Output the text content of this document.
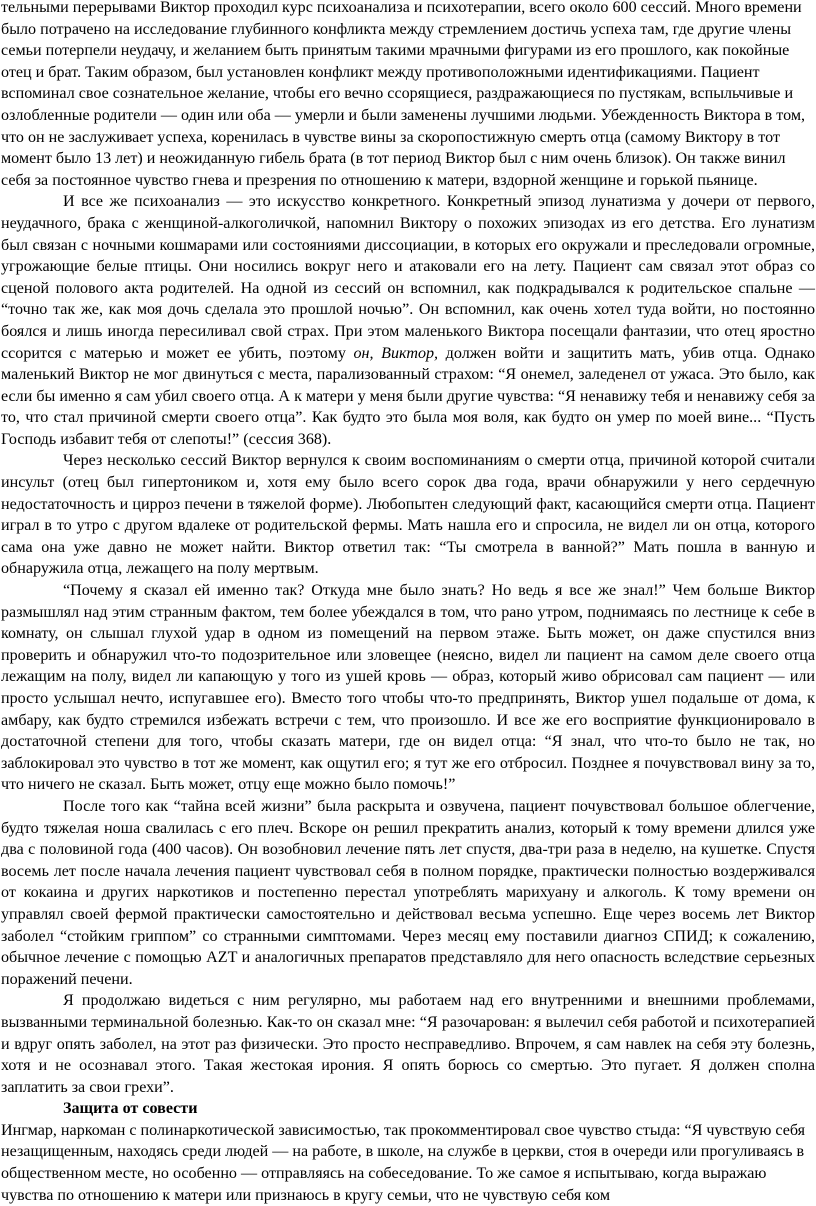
тельными перерывами Виктор проходил курс психоанализа и психотерапии, всего около 600 сессий. Много времени было потрачено на исследование глубинного конфликта между стремлением достичь успеха там, где другие члены семьи потерпели неудачу, и желанием быть принятым такими мрачными фигурами из его прошлого, как покойные отец и брат. Таким образом, был установлен конфликт между противоположными идентификациями. Пациент вспоминал свое сознательное желание, чтобы его вечно ссорящиеся, раздражающиеся по пустякам, вспыльчивые и озлобленные родители — один или оба — умерли и были заменены лучшими людьми. Убежденность Виктора в том, что он не заслуживает успеха, коренилась в чувстве вины за скоропостижную смерть отца (самому Виктору в тот момент было 13 лет) и неожиданную гибель брата (в тот период Виктор был с ним очень близок). Он также винил себя за постоянное чувство гнева и презрения по отношению к матери, вздорной женщине и горькой пьянице.

И все же психоанализ — это искусство конкретного. Конкретный эпизод лунатизма у дочери от первого, неудачного, брака с женщиной-алкоголичкой, напомнил Виктору о похожих эпизодах из его детства. Его лунатизм был связан с ночными кошмарами или состояниями диссоциации, в которых его окружали и преследовали огромные, угрожающие белые птицы. Они носились вокруг него и атаковали его на лету. Пациент сам связал этот образ со сценой полового акта родителей. На одной из сессий он вспомнил, как подкрадывался к родительское спальне — “точно так же, как моя дочь сделала это прошлой ночью”. Он вспомнил, как очень хотел туда войти, но постоянно боялся и лишь иногда пересиливал свой страх. При этом маленького Виктора посещали фантазии, что отец яростно ссорится с матерью и может ее убить, поэтому он, Виктор, должен войти и защитить мать, убив отца. Однако маленький Виктор не мог двинуться с места, парализованный страхом: “Я онемел, заледенел от ужаса. Это было, как если бы именно я сам убил своего отца. А к матери у меня были другие чувства: “Я ненавижу тебя и ненавижу себя за то, что стал причиной смерти своего отца”. Как будто это была моя воля, как будто он умер по моей вине... “Пусть Господь избавит тебя от слепоты!” (сессия 368).

Через несколько сессий Виктор вернулся к своим воспоминаниям о смерти отца, причиной которой считали инсульт (отец был гипертоником и, хотя ему было всего сорок два года, врачи обнаружили у него сердечную недостаточность и цирроз печени в тяжелой форме). Любопытен следующий факт, касающийся смерти отца. Пациент играл в то утро с другом вдалеке от родительской фермы. Мать нашла его и спросила, не видел ли он отца, которого сама она уже давно не может найти. Виктор ответил так: “Ты смотрела в ванной?” Мать пошла в ванную и обнаружила отца, лежащего на полу мертвым.

“Почему я сказал ей именно так? Откуда мне было знать? Но ведь я все же знал!” Чем больше Виктор размышлял над этим странным фактом, тем более убеждался в том, что рано утром, поднимаясь по лестнице к себе в комнату, он слышал глухой удар в одном из помещений на первом этаже. Быть может, он даже спустился вниз проверить и обнаружил что-то подозрительное или зловещее (неясно, видел ли пациент на самом деле своего отца лежащим на полу, видел ли капающую у того из ушей кровь — образ, который живо обрисовал сам пациент — или просто услышал нечто, испугавшее его). Вместо того чтобы что-то предпринять, Виктор ушел подальше от дома, к амбару, как будто стремился избежать встречи с тем, что произошло. И все же его восприятие функционировало в достаточной степени для того, чтобы сказать матери, где он видел отца: “Я знал, что что-то было не так, но заблокировал это чувство в тот же момент, как ощутил его; я тут же его отбросил. Позднее я почувствовал вину за то, что ничего не сказал. Быть может, отцу еще можно было помочь!”

После того как “тайна всей жизни” была раскрыта и озвучена, пациент почувствовал большое облегчение, будто тяжелая ноша свалилась с его плеч. Вскоре он решил прекратить анализ, который к тому времени длился уже два с половиной года (400 часов). Он возобновил лечение пять лет спустя, два-три раза в неделю, на кушетке. Спустя восемь лет после начала лечения пациент чувствовал себя в полном порядке, практически полностью воздерживался от кокаина и других наркотиков и постепенно перестал употреблять марихуану и алкоголь. К тому времени он управлял своей фермой практически самостоятельно и действовал весьма успешно. Еще через восемь лет Виктор заболел “стойким гриппом” со странными симптомами. Через месяц ему поставили диагноз СПИД; к сожалению, обычное лечение с помощью AZT и аналогичных препаратов представляло для него опасность вследствие серьезных поражений печени.

Я продолжаю видеться с ним регулярно, мы работаем над его внутренними и внешними проблемами, вызванными терминальной болезнью. Как-то он сказал мне: “Я разочарован: я вылечил себя работой и психотерапией и вдруг опять заболел, на этот раз физически. Это просто несправедливо. Впрочем, я сам навлек на себя эту болезнь, хотя и не осознавал этого. Такая жестокая ирония. Я опять борюсь со смертью. Это пугает. Я должен сполна заплатить за свои грехи”.

Защита от совести

Ингмар, наркоман с полинаркотической зависимостью, так прокомментировал свое чувство стыда: “Я чувствую себя незащищенным, находясь среди людей — на работе, в школе, на службе в церкви, стоя в очереди или прогуливаясь в общественном месте, но особенно — отправляясь на собеседование. То же самое я испытываю, когда выражаю чувства по отношению к матери или признаюсь в кругу семьи, что не чувствую себя ком
